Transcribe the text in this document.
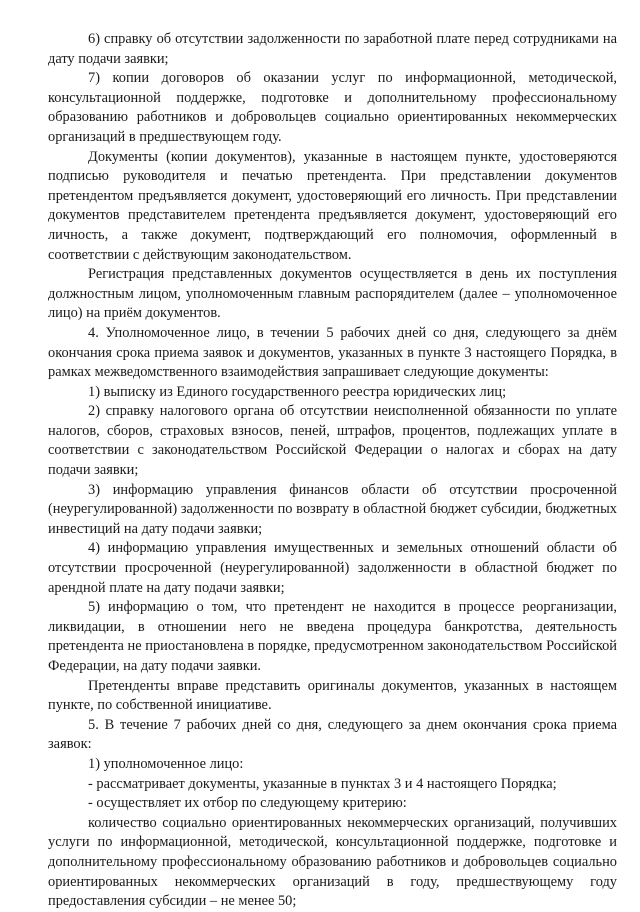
6) справку об отсутствии задолженности по заработной плате перед сотрудниками на дату подачи заявки;

7) копии договоров об оказании услуг по информационной, методической, консультационной поддержке, подготовке и дополнительному профессиональному образованию работников и добровольцев социально ориентированных некоммерческих организаций в предшествующем году.

Документы (копии документов), указанные в настоящем пункте, удостоверяются подписью руководителя и печатью претендента. При представлении документов претендентом предъявляется документ, удостоверяющий его личность. При представлении документов представителем претендента предъявляется документ, удостоверяющий его личность, а также документ, подтверждающий его полномочия, оформленный в соответствии с действующим законодательством.

Регистрация представленных документов осуществляется в день их поступления должностным лицом, уполномоченным главным распорядителем (далее – уполномоченное лицо) на приём документов.

4. Уполномоченное лицо, в течении 5 рабочих дней со дня, следующего за днём окончания срока приема заявок и документов, указанных в пункте 3 настоящего Порядка, в рамках межведомственного взаимодействия запрашивает следующие документы:

1) выписку из Единого государственного реестра юридических лиц;

2) справку налогового органа об отсутствии неисполненной обязанности по уплате налогов, сборов, страховых взносов, пеней, штрафов, процентов, подлежащих уплате в соответствии с законодательством Российской Федерации о налогах и сборах на дату подачи заявки;

3) информацию управления финансов области об отсутствии просроченной (неурегулированной) задолженности по возврату в областной бюджет субсидии, бюджетных инвестиций на дату подачи заявки;

4) информацию управления имущественных и земельных отношений области об отсутствии просроченной (неурегулированной) задолженности в областной бюджет по арендной плате на дату подачи заявки;

5) информацию о том, что претендент не находится в процессе реорганизации, ликвидации, в отношении него не введена процедура банкротства, деятельность претендента не приостановлена в порядке, предусмотренном законодательством Российской Федерации, на дату подачи заявки.

Претенденты вправе представить оригиналы документов, указанных в настоящем пункте, по собственной инициативе.

5. В течение 7 рабочих дней со дня, следующего за днем окончания срока приема заявок:

1) уполномоченное лицо:

- рассматривает документы, указанные в пунктах 3 и 4 настоящего Порядка;

- осуществляет их отбор по следующему критерию:

количество социально ориентированных некоммерческих организаций, получивших услуги по информационной, методической, консультационной поддержке, подготовке и дополнительному профессиональному образованию работников и добровольцев социально ориентированных некоммерческих организаций в году, предшествующему году предоставления субсидии – не менее 50;
